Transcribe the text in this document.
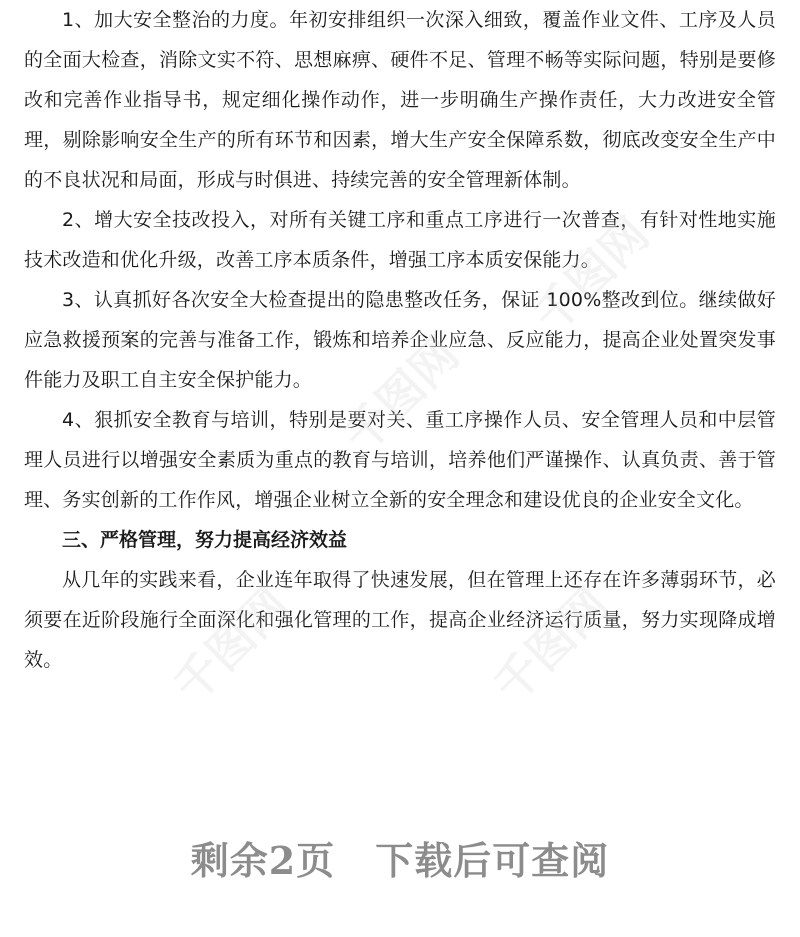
1、加大安全整治的力度。年初安排组织一次深入细致，覆盖作业文件、工序及人员的全面大检查，消除文实不符、思想麻痹、硬件不足、管理不畅等实际问题，特别是要修改和完善作业指导书，规定细化操作动作，进一步明确生产操作责任，大力改进安全管理，剔除影响安全生产的所有环节和因素，增大生产安全保障系数，彻底改变安全生产中的不良状况和局面，形成与时俱进、持续完善的安全管理新体制。

2、增大安全技改投入，对所有关键工序和重点工序进行一次普查，有针对性地实施技术改造和优化升级，改善工序本质条件，增强工序本质安保能力。

3、认真抓好各次安全大检查提出的隐患整改任务，保证 100%整改到位。继续做好应急救援预案的完善与准备工作，锻炼和培养企业应急、反应能力，提高企业处置突发事件能力及职工自主安全保护能力。

4、狠抓安全教育与培训，特别是要对关、重工序操作人员、安全管理人员和中层管理人员进行以增强安全素质为重点的教育与培训，培养他们严谨操作、认真负责、善于管理、务实创新的工作作风，增强企业树立全新的安全理念和建设优良的企业安全文化。

三、严格管理，努力提高经济效益

从几年的实践来看，企业连年取得了快速发展，但在管理上还存在许多薄弱环节，必须要在近阶段施行全面深化和强化管理的工作，提高企业经济运行质量，努力实现降成增效。

千图网
千图网	千图网
千图网
剩余2页 下载后可查阅
